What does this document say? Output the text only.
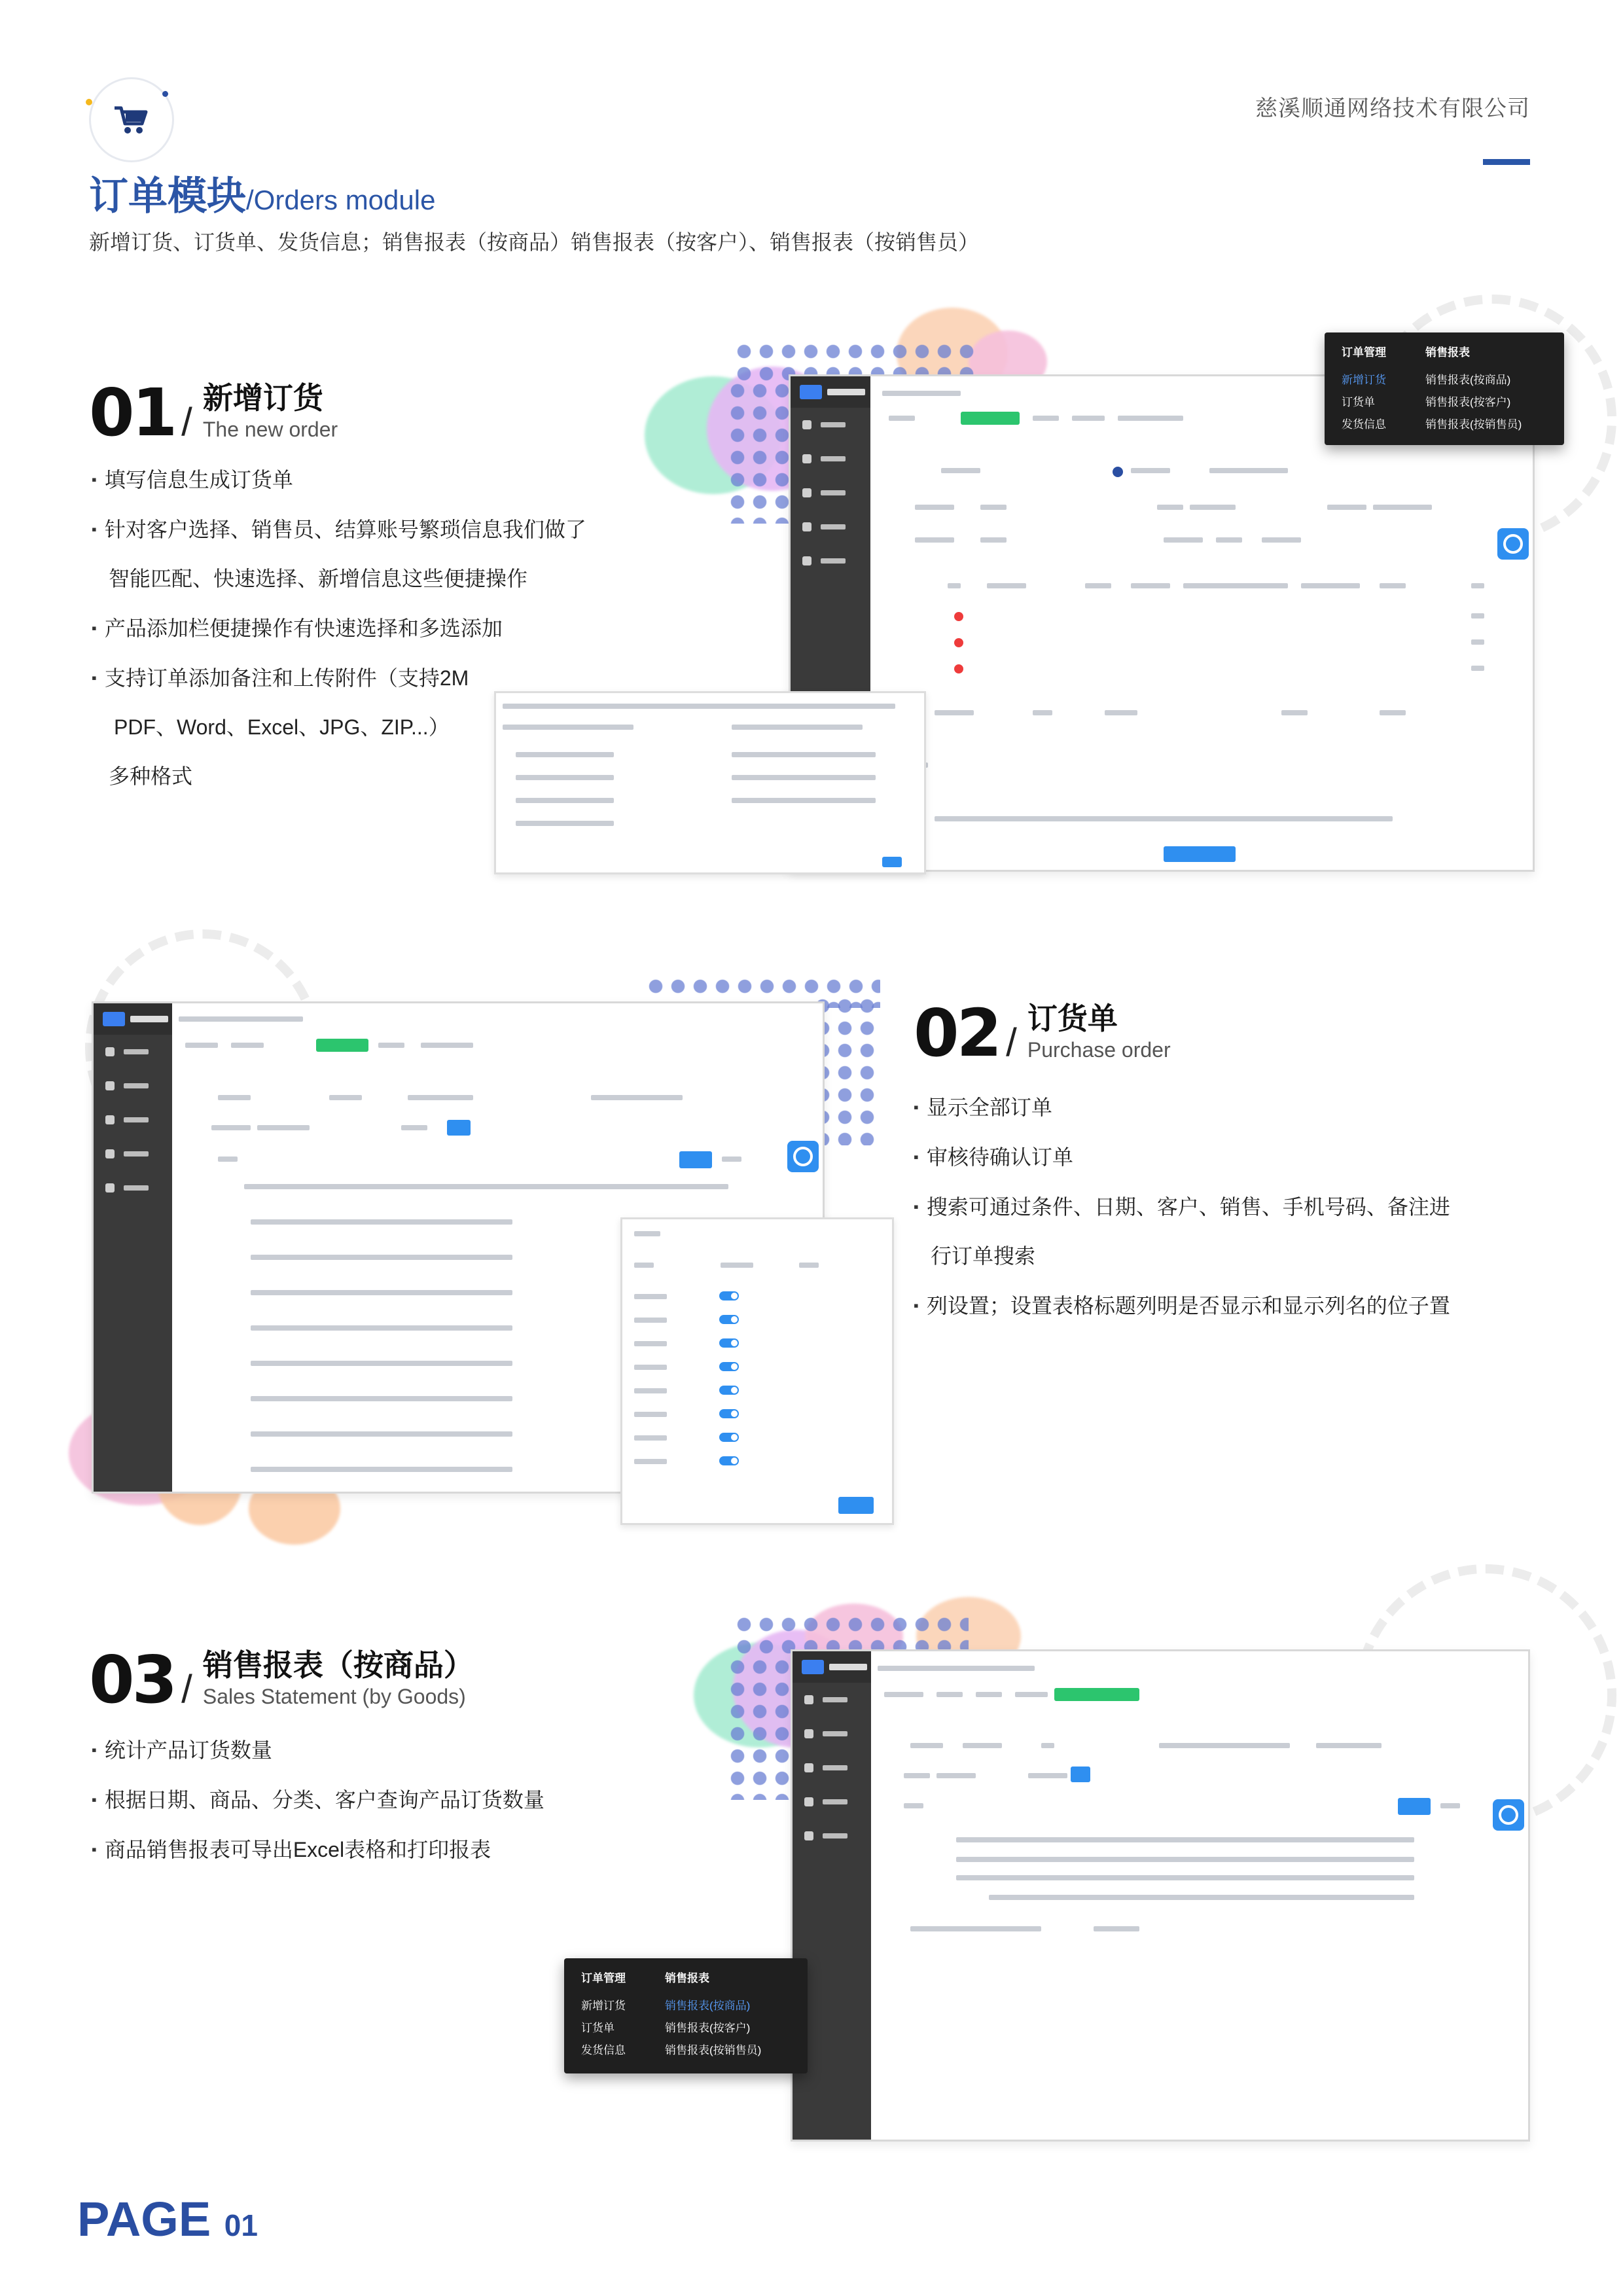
慈溪顺通网络技术有限公司
订单模块/Orders module
新增订货、订货单、发货信息；销售报表（按商品）销售报表（按客户）、销售报表（按销售员）
订单管理
新增订货
订货单
发货信息
销售报表
销售报表(按商品)
销售报表(按客户)
销售报表(按销售员)
01 /
新增订货
The new order
▪ 填写信息生成订货单
▪ 针对客户选择、销售员、结算账号繁琐信息我们做了
智能匹配、快速选择、新增信息这些便捷操作
▪ 产品添加栏便捷操作有快速选择和多选添加
▪ 支持订单添加备注和上传附件（支持2M
PDF、Word、Excel、JPG、ZIP...）
多种格式
02 /
订货单
Purchase order
▪ 显示全部订单
▪ 审核待确认订单
▪ 搜索可通过条件、日期、客户、销售、手机号码、备注进
行订单搜索
▪ 列设置；设置表格标题列明是否显示和显示列名的位子置
订单管理
新增订货
订货单
发货信息
销售报表
销售报表(按商品)
销售报表(按客户)
销售报表(按销售员)
03 /
销售报表（按商品）
Sales Statement (by Goods)
▪ 统计产品订货数量
▪ 根据日期、商品、分类、客户查询产品订货数量
▪ 商品销售报表可导出Excel表格和打印报表
PAGE 01
